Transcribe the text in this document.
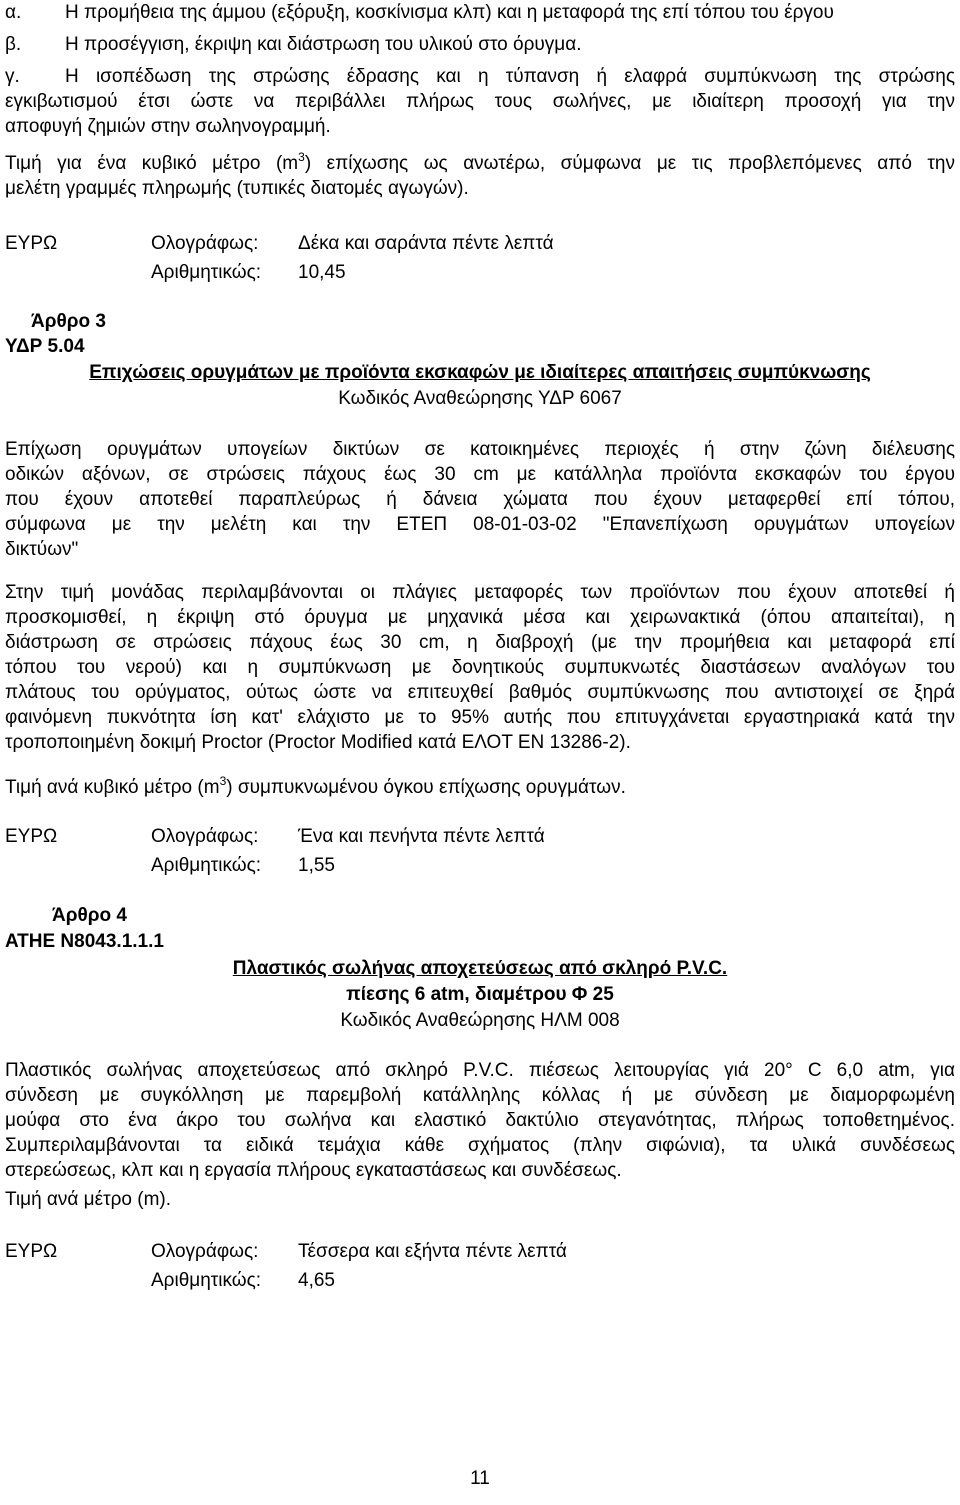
α.	Η προμήθεια της άμμου (εξόρυξη, κοσκίνισμα κλπ) και η μεταφορά της επί τόπου του έργου
β.	Η προσέγγιση, έκριψη και διάστρωση του υλικού στο όρυγμα.
γ.	Η ισοπέδωση της στρώσης έδρασης και η τύπανση ή ελαφρά συμπύκνωση της στρώσης

εγκιβωτισμού έτσι ώστε να περιβάλλει πλήρως τους σωλήνες, με ιδιαίτερη προσοχή για την

αποφυγή ζημιών στην σωληνογραμμή.

Τιμή για ένα κυβικό μέτρο $(m^3)$ επίχωσης ως ανωτέρω, σύμφωνα με τις προβλεπόμενες από την

μελέτη γραμμές πληρωμής (τυπικές διατομές αγωγών).

ΕΥΡΩ	Ολογράφως: Δέκα και σαράντα πέντε λεπτά
Αριθμητικώς: 10,45
Άρθρο 3
ΥΔΡ 5.04
Επιχώσεις ορυγμάτων με προϊόντα εκσκαφών με ιδιαίτερες απαιτήσεις συμπύκνωσης
Κωδικός Αναθεώρησης ΥΔΡ 6067

Επίχωση ορυγμάτων υπογείων δικτύων σε κατοικημένες περιοχές ή στην ζώνη διέλευσης

οδικών αξόνων, σε στρώσεις πάχους έως 30 cm με κατάλληλα προϊόντα εκσκαφών του έργου

που έχουν αποτεθεί παραπλεύρως ή δάνεια χώματα που έχουν μεταφερθεί επί τόπου,

σύμφωνα με την μελέτη και την ΕΤΕΠ 08-01-03-02 "Επανεπίχωση ορυγμάτων υπογείων

δικτύων"

Στην τιμή μονάδας περιλαμβάνονται οι πλάγιες μεταφορές των προϊόντων που έχουν αποτεθεί ή

προσκομισθεί, η έκριψη στό όρυγμα με μηχανικά μέσα και χειρωνακτικά (όπου απαιτείται), η

διάστρωση σε στρώσεις πάχους έως 30 cm, η διαβροχή (με την προμήθεια και μεταφορά επί

τόπου του νερού) και η συμπύκνωση με δονητικούς συμπυκνωτές διαστάσεων αναλόγων του

πλάτους του ορύγματος, ούτως ώστε να επιτευχθεί βαθμός συμπύκνωσης που αντιστοιχεί σε ξηρά

φαινόμενη πυκνότητα ίση κατ' ελάχιστο με το 95% αυτής που επιτυγχάνεται εργαστηριακά κατά την

τροποποιημένη δοκιμή Proctor (Proctor Modified κατά ΕΛΟΤ ΕΝ 13286-2).

Τιμή ανά κυβικό μέτρο $(m^3)$ συμπυκνωμένου όγκου επίχωσης ορυγμάτων.
ΕΥΡΩ	Ολογράφως: Ένα και πενήντα πέντε λεπτά
Αριθμητικώς: 1,55
Άρθρο 4
ΑΤΗΕ Ν8043.1.1.1
Πλαστικός σωλήνας αποχετεύσεως από σκληρό P.V.C.
πίεσης 6 atm, διαμέτρου Φ 25
Κωδικός Αναθεώρησης ΗΛΜ 008

Πλαστικός σωλήνας αποχετεύσεως από σκληρό P.V.C. πιέσεως λειτουργίας γιά 20° C 6,0 atm, για

σύνδεση με συγκόλληση με παρεμβολή κατάλληλης κόλλας ή με σύνδεση με διαμορφωμένη

μούφα στο ένα άκρο του σωλήνα και ελαστικό δακτύλιο στεγανότητας, πλήρως τοποθετημένος.

Συμπεριλαμβάνονται τα ειδικά τεμάχια κάθε σχήματος (πλην σιφώνια), τα υλικά συνδέσεως

στερεώσεως, κλπ και η εργασία πλήρους εγκαταστάσεως και συνδέσεως.

Τιμή ανά μέτρο (m).
ΕΥΡΩ	Ολογράφως: Τέσσερα και εξήντα πέντε λεπτά
Αριθμητικώς: 4,65
11
